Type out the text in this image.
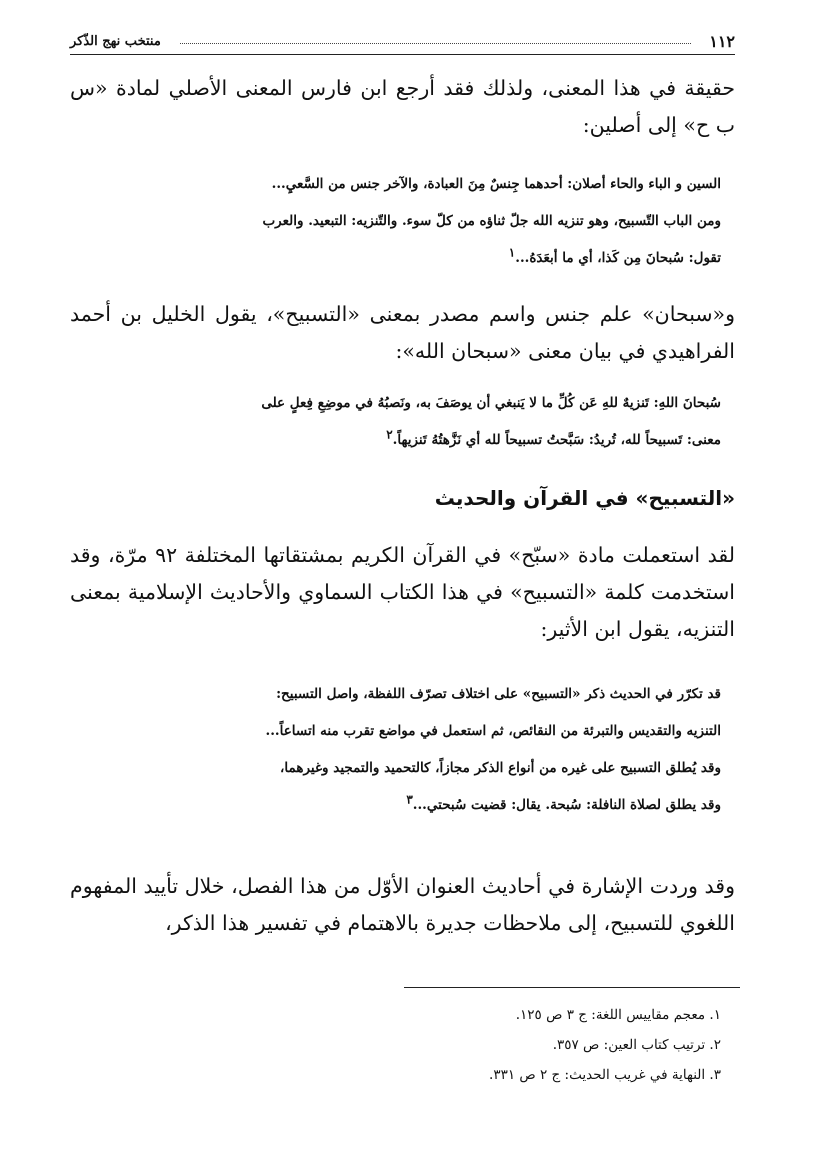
١١٢
منتخب نهج الذّكر
حقيقة في هذا المعنى، ولذلك فقد أرجع ابن فارس المعنى الأصلي لمادة «س ب ح» إلى أصلين:
السين و الباء والحاء أصلان: أحدهما جِنسٌ مِنَ العبادة، والآخر جنس من السَّعيِ...
ومن الباب التّسبيح، وهو تنزيه الله جلّ ثناؤه من كلّ سوء. والتّنزيه: التبعيد. والعرب
تقول: سُبحانَ مِن كَذا، أي ما أبعَدَهُ...١
و«سبحان» علم جنس واسم مصدر بمعنى «التسبيح»، يقول الخليل بن أحمد الفراهيدي في بيان معنى «سبحان الله»:
سُبحانَ اللهِ: تَنزيهٌ للهِ عَن كُلِّ ما لا يَنبغي أن يوصَفَ به، ونَصبُهُ في موضِعِ فِعلٍ على
معنى: تَسبيحاً لله، تُريدُ: سَبَّحتُ تسبيحاً لله أي نَزَّهتُهُ تَنزيهاً.٢
«التسبيح» في القرآن والحديث
لقد استعملت مادة «سبّح» في القرآن الكريم بمشتقاتها المختلفة ٩٢ مرّة، وقد استخدمت كلمة «التسبيح» في هذا الكتاب السماوي والأحاديث الإسلامية بمعنى التنزيه، يقول ابن الأثير:
قد تكرّر في الحديث ذكر «التسبيح» على اختلاف تصرّف اللفظة، واصل التسبيح:
التنزيه والتقديس والتبرئة من النقائص، ثم استعمل في مواضع تقرب منه اتساعاً...
وقد يُطلق التسبيح على غيره من أنواع الذكر مجازاً، كالتحميد والتمجيد وغيرهما،
وقد يطلق لصلاة النافلة: سُبحة. يقال: قضيت سُبحتي...٣
وقد وردت الإشارة في أحاديث العنوان الأوّل من هذا الفصل، خلال تأييد المفهوم اللغوي للتسبيح، إلى ملاحظات جديرة بالاهتمام في تفسير هذا الذكر،
١. معجم مقاييس اللغة: ج ٣ ص ١٢٥.
٢. ترتيب كتاب العين: ص ٣٥٧.
٣. النهاية في غريب الحديث: ج ٢ ص ٣٣١.
